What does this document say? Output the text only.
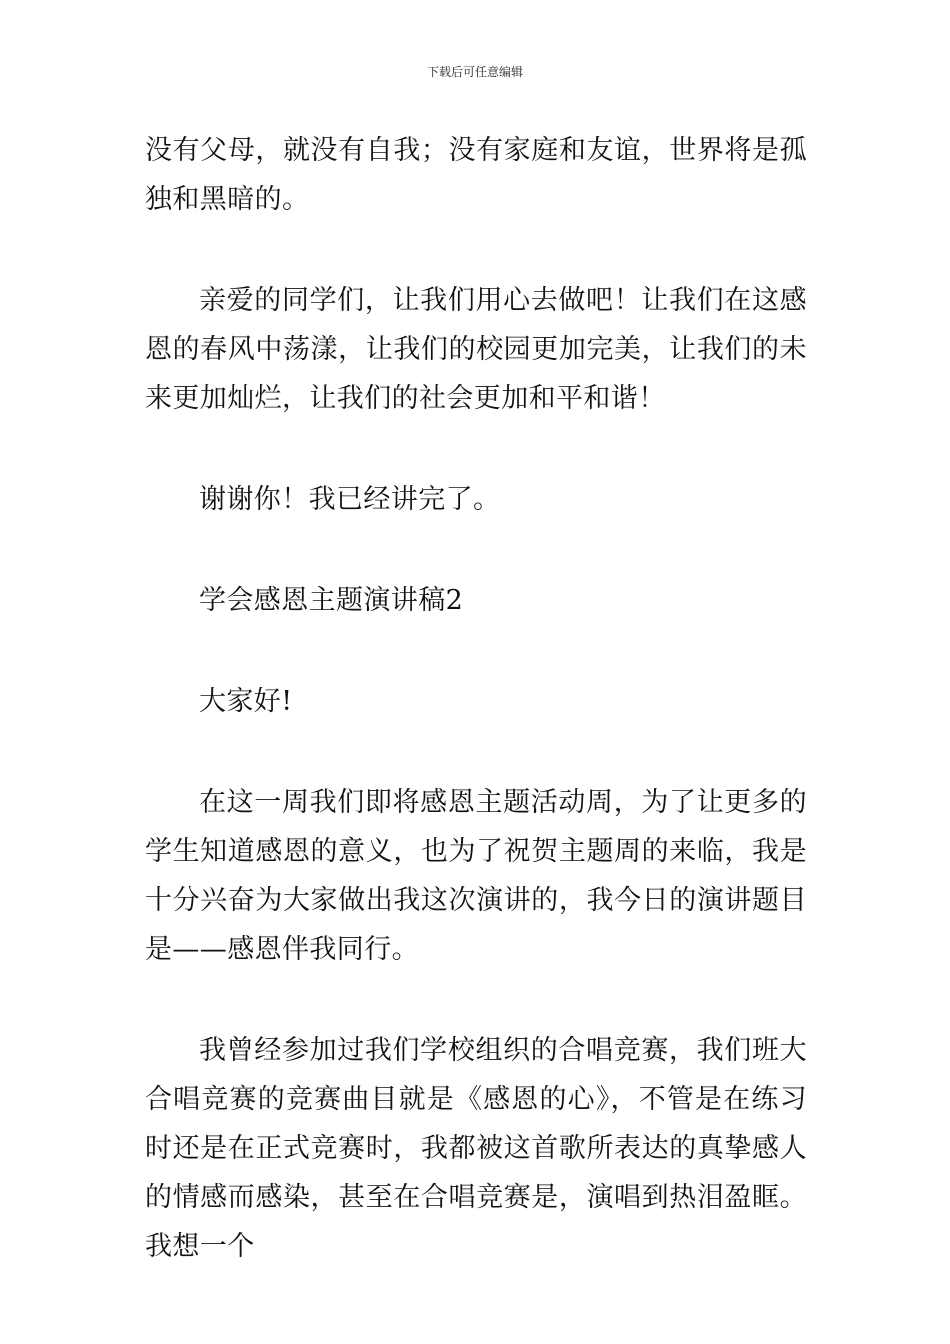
下载后可任意编辑

没有父母，就没有自我；没有家庭和友谊，世界将是孤独和黑暗的。

亲爱的同学们，让我们用心去做吧！让我们在这感恩的春风中荡漾，让我们的校园更加完美，让我们的未来更加灿烂，让我们的社会更加和平和谐！

谢谢你！我已经讲完了。

学会感恩主题演讲稿2

大家好!

在这一周我们即将感恩主题活动周，为了让更多的学生知道感恩的意义，也为了祝贺主题周的来临，我是十分兴奋为大家做出我这次演讲的，我今日的演讲题目是——感恩伴我同行。

我曾经参加过我们学校组织的合唱竞赛，我们班大合唱竞赛的竞赛曲目就是《感恩的心》，不管是在练习时还是在正式竞赛时，我都被这首歌所表达的真挚感人的情感而感染，甚至在合唱竞赛是，演唱到热泪盈眶。我想一个
